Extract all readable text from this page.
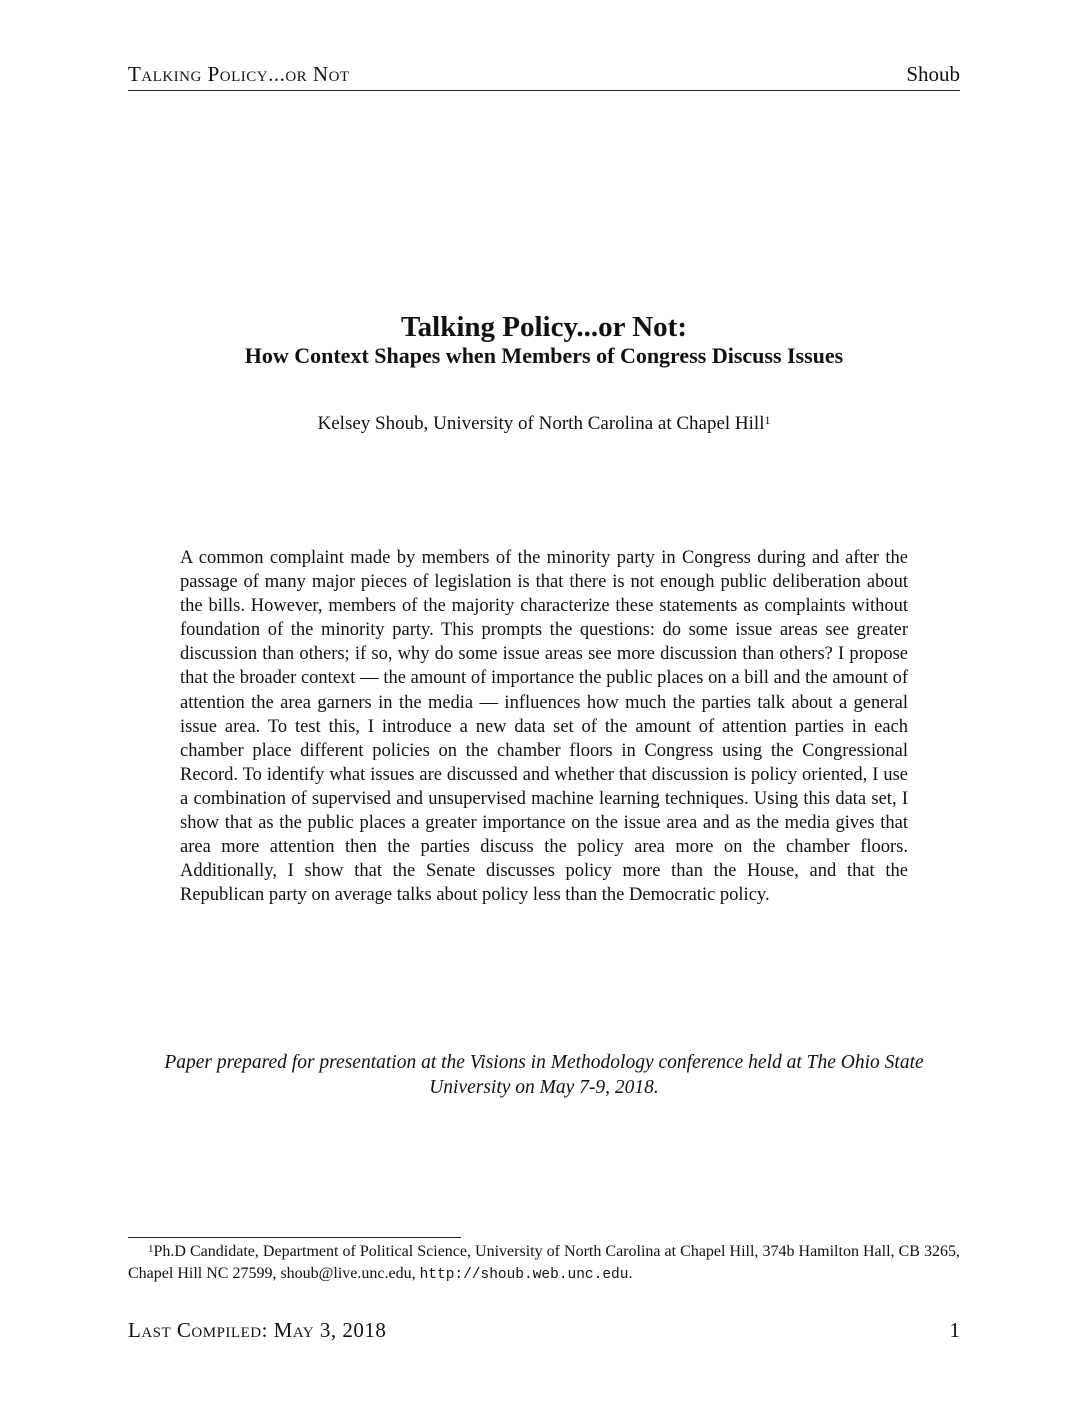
Talking Policy...or Not	Shoub
Talking Policy...or Not:
How Context Shapes when Members of Congress Discuss Issues
Kelsey Shoub, University of North Carolina at Chapel Hill$^1$

A common complaint made by members of the minority party in Congress during and after the passage of many major pieces of legislation is that there is not enough public deliberation about the bills. However, members of the majority characterize these statements as complaints without foundation of the minority party. This prompts the questions: do some issue areas see greater discussion than others; if so, why do some issue areas see more discussion than others? I propose that the broader context — the amount of importance the public places on a bill and the amount of attention the area garners in the media — influences how much the parties talk about a general issue area. To test this, I introduce a new data set of the amount of attention parties in each chamber place different policies on the chamber floors in Congress using the Congressional Record. To identify what issues are discussed and whether that discussion is policy oriented, I use a combination of supervised and unsupervised machine learning techniques. Using this data set, I show that as the public places a greater importance on the issue area and as the media gives that area more attention then the parties discuss the policy area more on the chamber floors. Additionally, I show that the Senate discusses policy more than the House, and that the Republican party on average talks about policy less than the Democratic policy.

Paper prepared for presentation at the Visions in Methodology conference held at The Ohio State University on May 7-9, 2018.
$^1$Ph.D Candidate, Department of Political Science, University of North Carolina at Chapel Hill, 374b Hamilton Hall, CB 3265, Chapel Hill NC 27599, shoub@live.unc.edu, http://shoub.web.unc.edu.
Last Compiled: May 3, 2018	1
